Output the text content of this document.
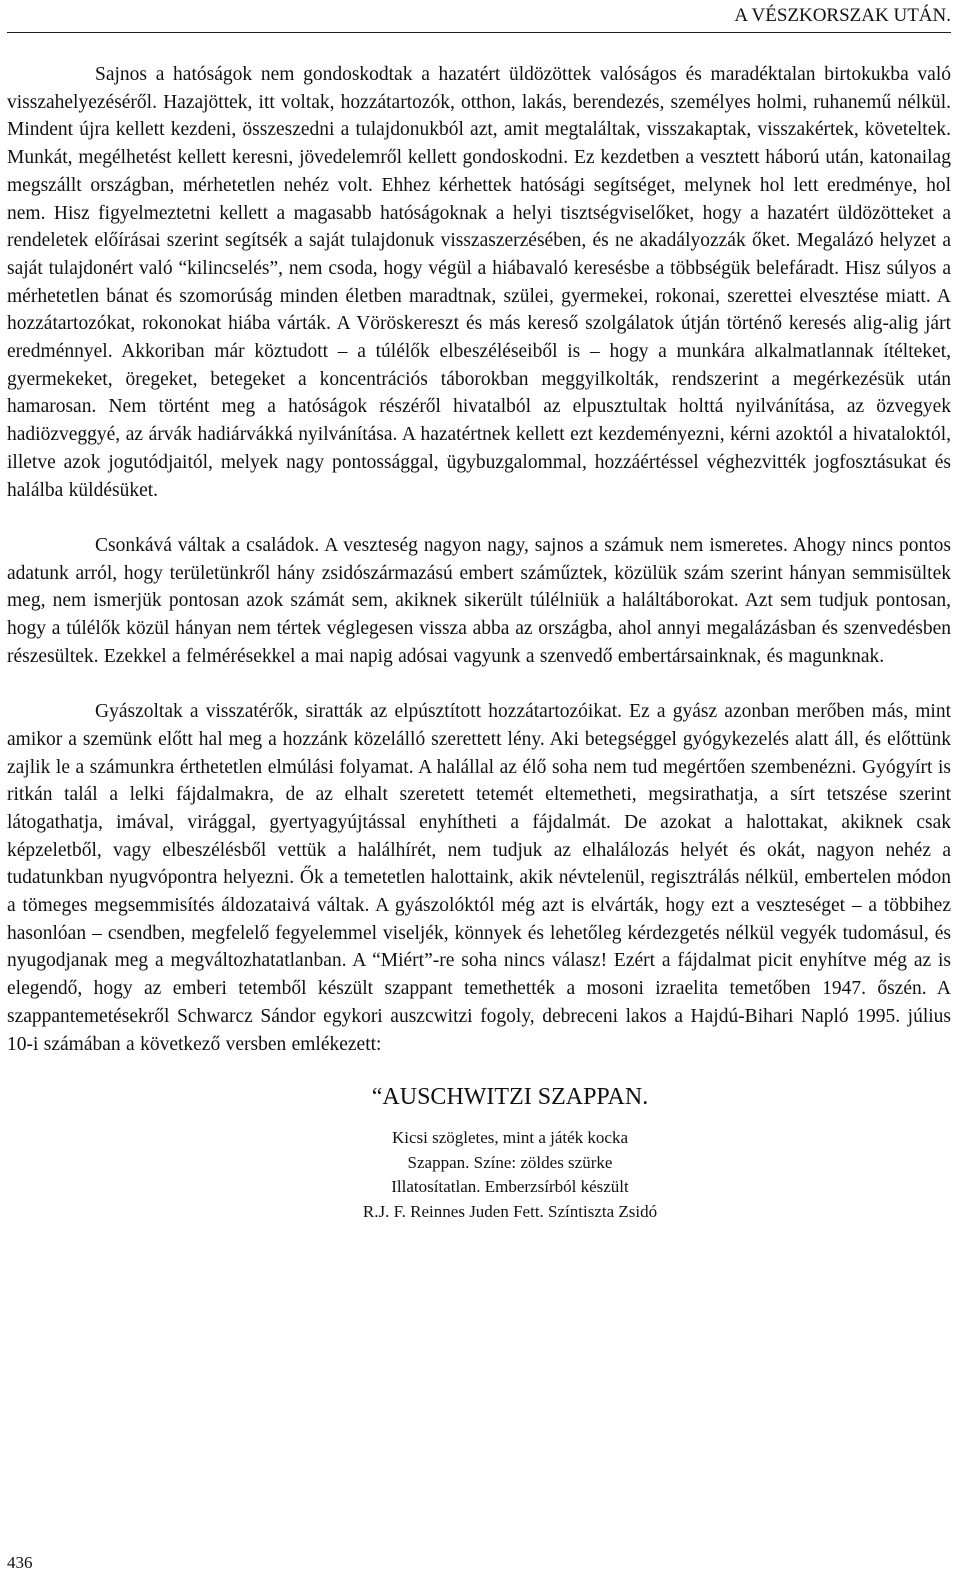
A VÉSZKORSZAK UTÁN.

Sajnos a hatóságok nem gondoskodtak a hazatért üldözöttek valóságos és maradéktalan birtokukba való visszahelyezéséről. Hazajöttek, itt voltak, hozzátartozók, otthon, lakás, berendezés, személyes holmi, ruhanemű nélkül. Mindent újra kellett kezdeni, összeszedni a tulajdonukból azt, amit megtaláltak, visszakaptak, visszakértek, követeltek. Munkát, megélhetést kellett keresni, jövedelemről kellett gondoskodni. Ez kezdetben a vesztett háború után, katonailag megszállt országban, mérhetetlen nehéz volt. Ehhez kérhettek hatósági segítséget, melynek hol lett eredménye, hol nem. Hisz figyelmeztetni kellett a magasabb hatóságoknak a helyi tisztségviselőket, hogy a hazatért üldözötteket a rendeletek előírásai szerint segítsék a saját tulajdonuk visszaszerzésében, és ne akadályozzák őket. Megalázó helyzet a saját tulajdonért való “kilincselés”, nem csoda, hogy végül a hiábavaló keresésbe a többségük belefáradt. Hisz súlyos a mérhetetlen bánat és szomorúság minden életben maradtnak, szülei, gyermekei, rokonai, szerettei elvesztése miatt. A hozzátartozókat, rokonokat hiába várták. A Vöröskereszt és más kereső szolgálatok útján történő keresés alig-alig járt eredménnyel. Akkoriban már köztudott – a túlélők elbeszéléseiből is – hogy a munkára alkalmatlannak ítélteket, gyermekeket, öregeket, betegeket a koncentrációs táborokban meggyilkolták, rendszerint a megérkezésük után hamarosan. Nem történt meg a hatóságok részéről hivatalból az elpusztultak holttá nyilvánítása, az özvegyek hadiözveggyé, az árvák hadiárvákká nyilvánítása. A hazatértnek kellett ezt kezdeményezni, kérni azoktól a hivataloktól, illetve azok jogutódjaitól, melyek nagy pontossággal, ügybuzgalommal, hozzáértéssel véghezvitték jogfosztásukat és halálba küldésüket.

Csonkává váltak a családok. A veszteség nagyon nagy, sajnos a számuk nem ismeretes. Ahogy nincs pontos adatunk arról, hogy területünkről hány zsidószármazású embert száműztek, közülük szám szerint hányan semmisültek meg, nem ismerjük pontosan azok számát sem, akiknek sikerült túlélniük a haláltáborokat. Azt sem tudjuk pontosan, hogy a túlélők közül hányan nem tértek véglegesen vissza abba az országba, ahol annyi megalázásban és szenvedésben részesültek. Ezekkel a felmérésekkel a mai napig adósai vagyunk a szenvedő embertársainknak, és magunknak.

Gyászoltak a visszatérők, siratták az elpúsztított hozzátartozóikat. Ez a gyász azonban merőben más, mint amikor a szemünk előtt hal meg a hozzánk közelálló szerettett lény. Aki betegséggel gyógykezelés alatt áll, és előttünk zajlik le a számunkra érthetetlen elmúlási folyamat. A halállal az élő soha nem tud megértően szembenézni. Gyógyírt is ritkán talál a lelki fájdalmakra, de az elhalt szeretett tetemét eltemetheti, megsirathatja, a sírt tetszése szerint látogathatja, imával, virággal, gyertyagyújtással enyhítheti a fájdalmát. De azokat a halottakat, akiknek csak képzeletből, vagy elbeszélésből vettük a halálhírét, nem tudjuk az elhalálozás helyét és okát, nagyon nehéz a tudatunkban nyugvópontra helyezni. Ők a temetetlen halottaink, akik névtelenül, regisztrálás nélkül, embertelen módon a tömeges megsemmisítés áldozataivá váltak. A gyászolóktól még azt is elvárták, hogy ezt a veszteséget – a többihez hasonlóan – csendben, megfelelő fegyelemmel viseljék, könnyek és lehetőleg kérdezgetés nélkül vegyék tudomásul, és nyugodjanak meg a megváltozhatatlanban. A “Miért”-re soha nincs válasz! Ezért a fájdalmat picit enyhítve még az is elegendő, hogy az emberi tetemből készült szappant temethették a mosoni izraelita temetőben 1947. őszén. A szappantemetésekről Schwarcz Sándor egykori auszcwitzi fogoly, debreceni lakos a Hajdú-Bihari Napló 1995. július 10-i számában a következő versben emlékezett:

“AUSCHWITZI SZAPPAN.
Kicsi szögletes, mint a játék kocka
Szappan. Színe: zöldes szürke
Illatosítatlan. Emberzsírból készült
R.J. F. Reinnes Juden Fett. Színtiszta Zsidó
436
